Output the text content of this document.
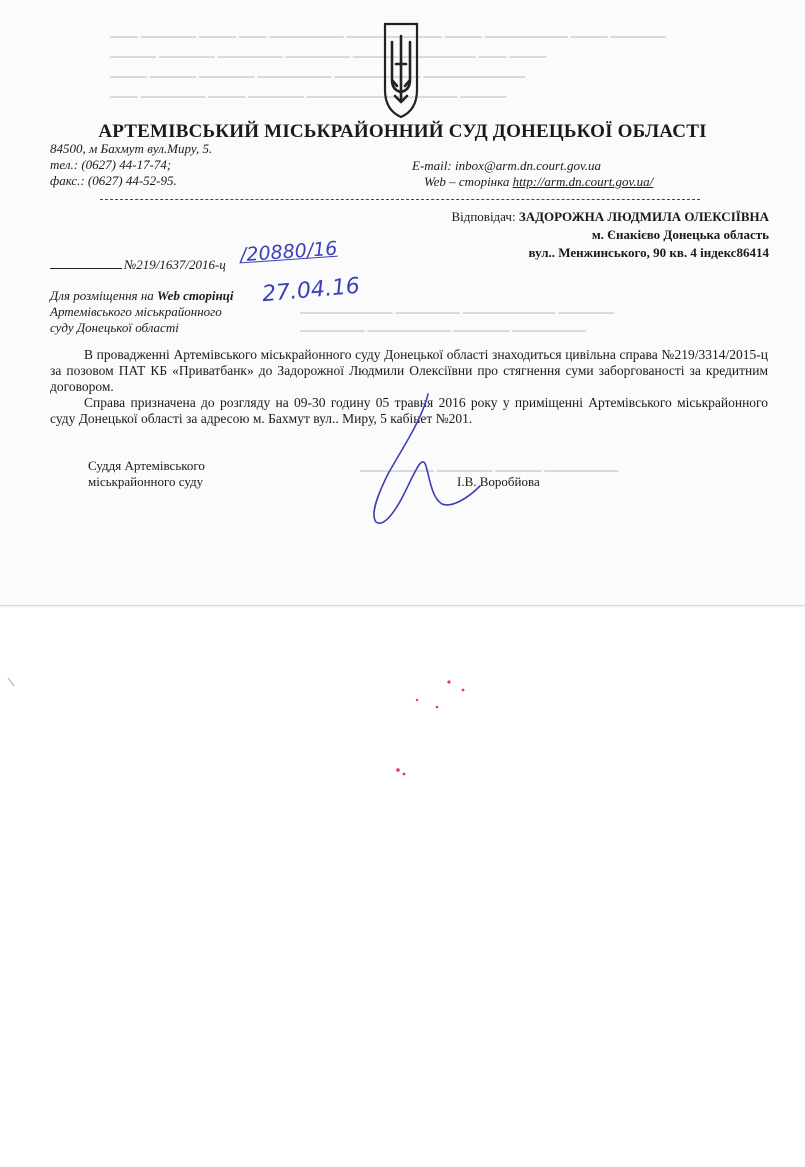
▁▁▁ ▁▁▁▁▁▁ ▁▁▁▁ ▁▁▁ ▁▁▁▁▁▁▁▁ ▁▁▁▁ ▁▁▁▁▁▁ ▁▁▁▁ ▁▁▁▁▁▁▁▁▁ ▁▁▁▁ ▁▁▁▁▁▁
▁▁▁▁▁ ▁▁▁▁▁▁ ▁▁▁▁▁▁▁ ▁▁▁▁▁▁▁ ▁▁▁▁▁ ▁▁▁▁▁▁▁▁ ▁▁▁ ▁▁▁▁
▁▁▁▁ ▁▁▁▁▁ ▁▁▁▁▁▁ ▁▁▁▁▁▁▁▁ ▁▁▁▁▁▁ ▁▁▁ ▁▁▁▁▁▁▁▁▁▁▁
▁▁▁ ▁▁▁▁▁▁▁ ▁▁▁▁ ▁▁▁▁▁▁ ▁▁▁▁▁▁▁▁▁▁ ▁▁▁▁▁▁ ▁▁▁▁▁
▁▁▁▁▁▁▁▁▁▁ ▁▁▁▁▁▁▁ ▁▁▁▁▁▁▁▁▁▁ ▁▁▁▁▁▁
▁▁▁▁▁▁▁ ▁▁▁▁▁▁▁▁▁ ▁▁▁▁▁▁ ▁▁▁▁▁▁▁▁
▁▁▁▁▁▁▁▁ ▁▁▁▁▁▁ ▁▁▁▁▁ ▁▁▁▁▁▁▁▁
АРТЕМІВСЬКИЙ МІСЬКРАЙОННИЙ СУД ДОНЕЦЬКОЇ ОБЛАСТІ
84500, м Бахмут вул.Миру, 5.
тел.: (0627) 44-17-74;
факс.: (0627) 44-52-95.
E-mail: inbox@arm.dn.court.gov.ua
Web – сторінка http://arm.dn.court.gov.ua/
Відповідач: ЗАДОРОЖНА ЛЮДМИЛА ОЛЕКСІЇВНА
м. Єнакієво Донецька область
вул.. Менжинського, 90 кв. 4 індекс86414
№219/1637/2016-ц /20880/16
27.04.16
Для розміщення на Web сторінці
Артемівського міськрайонного
суду Донецької області

В провадженні Артемівського міськрайонного суду Донецької області знаходиться цивільна справа №219/3314/2015-ц за позовом ПАТ КБ «Приватбанк» до Задорожної Людмили Олексіївни про стягнення суми заборгованості за кредитним договором.

Справа призначена до розгляду на 09-30 годину 05 травня 2016 року у приміщенні Артемівського міськрайонного суду Донецької області за адресою м. Бахмут вул.. Миру, 5 кабінет №201.

Суддя Артемівського
міськрайонного суду	І.В. Воробйова
